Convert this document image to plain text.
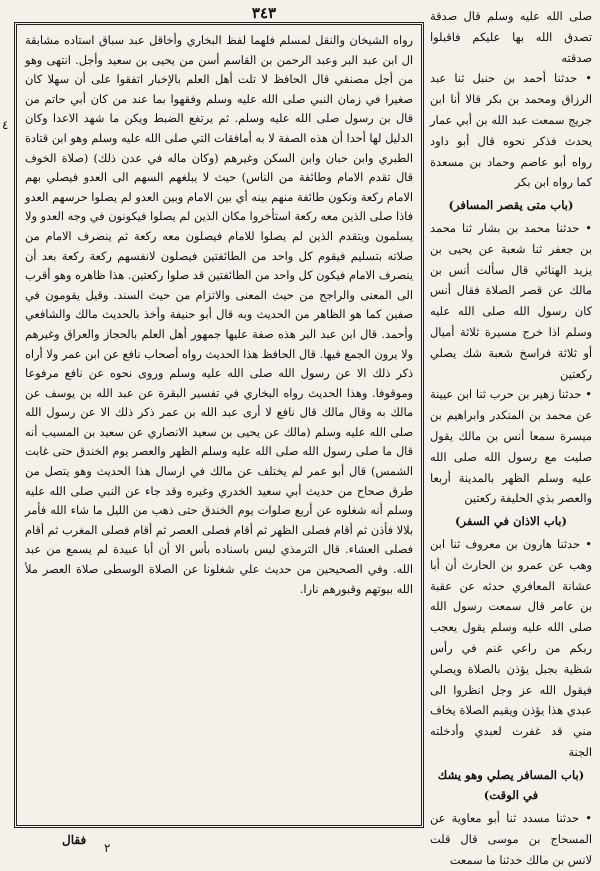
٣٤٣

رواه الشيخان والنقل لمسلم فلهما لفظ البخاري وأخاقل عبد سباق استاده مشابقة ال ابن عبد البر وعبد الرحمن بن القاسم أسن من يحيى بن سعيد وأجل. انتهى وهو من أجل مصنفي قال الحافظ لا تلت أهل العلم بالإخبار اتفقوا على أن سهلا كان صغيرا في زمان النبي صلى الله عليه وسلم وفقهوا بما عند من كان أبي حاتم من قال بن رسول صلى الله عليه وسلم. ثم يرتفع الضبط ويكن ما شهد الاعدا وكان الدليل لها أحدا أن هذه الصفة لا به أمافقات التي صلى الله عليه وسلم وهو ابن قتادة الطبري وابن حبان وابن السكن وغيرهم (وكان ماله في عدن ذلك) (صلاة الخوف قال تقدم الامام وطائفة من الناس) حيث لا يبلغهم السهم الى العدو فيصلي بهم الامام ركعة ونكون طائفة منهم بينه أي بين الامام وبين العدو لم يصلوا حرسهم العدو فاذا صلى الذين معه ركعة استأخروا مكان الذين لم يصلوا فيكونون في وجه العدو ولا يسلمون ويتقدم الذين لم يصلوا للامام فيصلون معه ركعة ثم ينصرف الامام من صلاته بتسليم فيقوم كل واحد من الطائفتين فيصلون لانفسهم ركعة ركعة بعد أن ينصرف الامام فيكون كل واحد من الطائفتين قد صلوا ركعتين. هذا ظاهره وهو أقرب الى المعنى والراجح من حيث المعنى والاتزام من حيث السند. وقيل يقومون في صفين كما هو الظاهر من الحديث وبه قال أبو حنيفة وأخذ بالحديث مالك والشافعي وأحمد. قال ابن عبد البر هذه صفة عليها جمهور أهل العلم بالحجاز والعراق وغيرهم ولا يرون الجمع فيها. قال الحافظ هذا الحديث رواه أصحاب نافع عن ابن عمر ولا أراه ذكر ذلك الا عن رسول الله صلى الله عليه وسلم وروى نحوه عن نافع مرفوعا وموقوفا. وهذا الحديث رواه البخاري في تفسير البقرة عن عبد الله بن يوسف عن مالك به وقال مالك قال نافع لا أرى عبد الله بن عمر ذكر ذلك الا عن رسول الله صلى الله عليه وسلم (مالك عن يحيى بن سعيد الانصاري عن سعيد بن المسيب أنه قال ما صلى رسول الله صلى الله عليه وسلم الظهر والعصر يوم الخندق حتى غابت الشمس) قال أبو عمر لم يختلف عن مالك في ارسال هذا الحديث وهو يتصل من طرق صحاح من حديث أبي سعيد الخدري وغيره وقد جاء عن النبي صلى الله عليه وسلم أنه شغلوه عن أربع صلوات يوم الخندق حتى ذهب من الليل ما شاء الله فأمر بلالا فأذن ثم أقام فصلى الظهر ثم أقام فصلى العصر ثم أقام فصلى المغرب ثم أقام فصلى العشاء. قال الترمذي ليس باسناده بأس الا أن أبا عبيدة لم يسمع من عبد الله. وفي الصحيحين من حديث علي شغلونا عن الصلاة الوسطى صلاة العصر ملأ الله بيوتهم وقبورهم نارا.

صلى الله عليه وسلم قال صدقة تصدق الله بها عليكم فاقبلوا صدقته

• حدثنا أحمد بن حنبل ثنا عبد الرزاق ومحمد بن بكر قالا أنا ابن جريج سمعت عبد الله بن أبي عمار يحدث فذكر نحوه قال أبو داود رواه أبو عاصم وحماد بن مسعدة كما رواه ابن بكر

(باب متى يقصر المسافر)

• حدثنا محمد بن بشار ثنا محمد بن جعفر ثنا شعبة عن يحيى بن يزيد الهنائي قال سألت أنس بن مالك عن قصر الصلاة فقال أنس كان رسول الله صلى الله عليه وسلم اذا خرج مسيرة ثلاثة أميال أو ثلاثة فراسخ شعبة شك يصلي ركعتين

• حدثنا زهير بن حرب ثنا ابن عيينة عن محمد بن المنكدر وابراهيم بن ميسرة سمعا أنس بن مالك يقول صليت مع رسول الله صلى الله عليه وسلم الظهر بالمدينة أربعا والعصر بذي الحليفة ركعتين

(باب الاذان في السفر)

• حدثنا هارون بن معروف ثنا ابن وهب عن عمرو بن الحارث أن أبا عشانة المعافري حدثه عن عقبة بن عامر قال سمعت رسول الله صلى الله عليه وسلم يقول يعجب ربكم من راعي غنم في رأس شظية بجبل يؤذن بالصلاة ويصلي فيقول الله عز وجل انظروا الى عبدي هذا يؤذن ويقيم الصلاة يخاف مني قد غفرت لعبدي وأدخلته الجنة

(باب المسافر يصلي وهو يشك في الوقت)

• حدثنا مسدد ثنا أبو معاوية عن المسحاج بن موسى قال قلت لانس بن مالك حدثنا ما سمعت

٤
فقال
٢
